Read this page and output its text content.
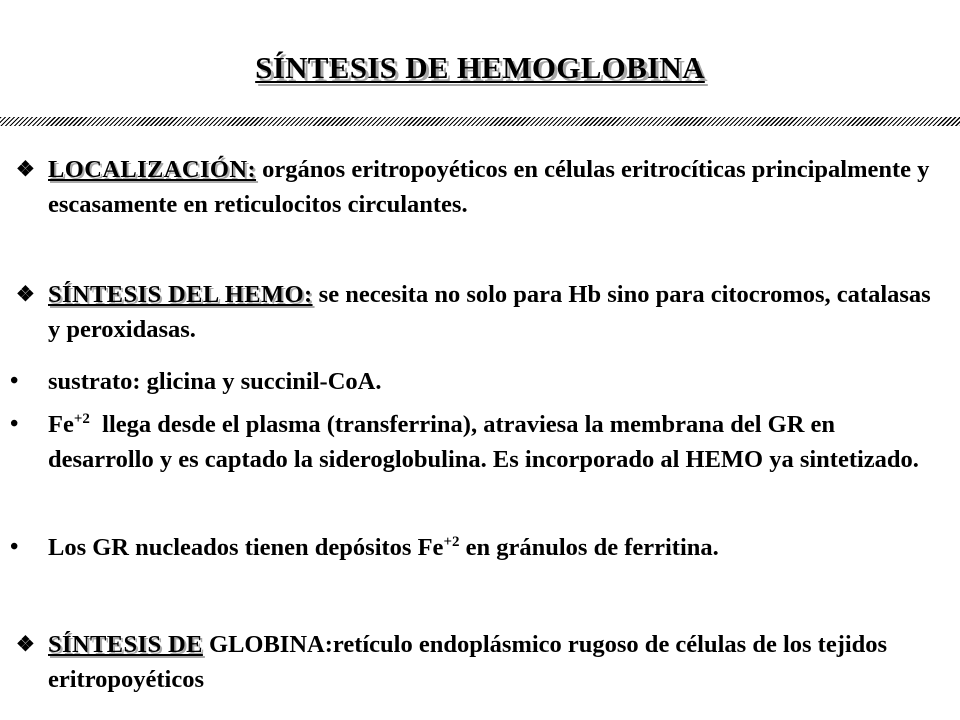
SÍNTESIS DE HEMOGLOBINA
❖ LOCALIZACIÓN: orgános eritropoyéticos en células eritrocíticas principalmente y escasamente en reticulocitos circulantes.
❖ SÍNTESIS DEL HEMO: se necesita no solo para Hb sino para citocromos, catalasas y peroxidasas.
•	sustrato: glicina y succinil-CoA.
•	$Fe^{+2}$  llega desde el plasma (transferrina), atraviesa la membrana del GR en desarrollo y es captado la sideroglobulina. Es incorporado al HEMO ya sintetizado.
•	Los GR nucleados tienen depósitos $Fe^{+2}$ en gránulos de ferritina.
❖ SÍNTESIS DE GLOBINA:retículo endoplásmico rugoso de células de los tejidos eritropoyéticos
